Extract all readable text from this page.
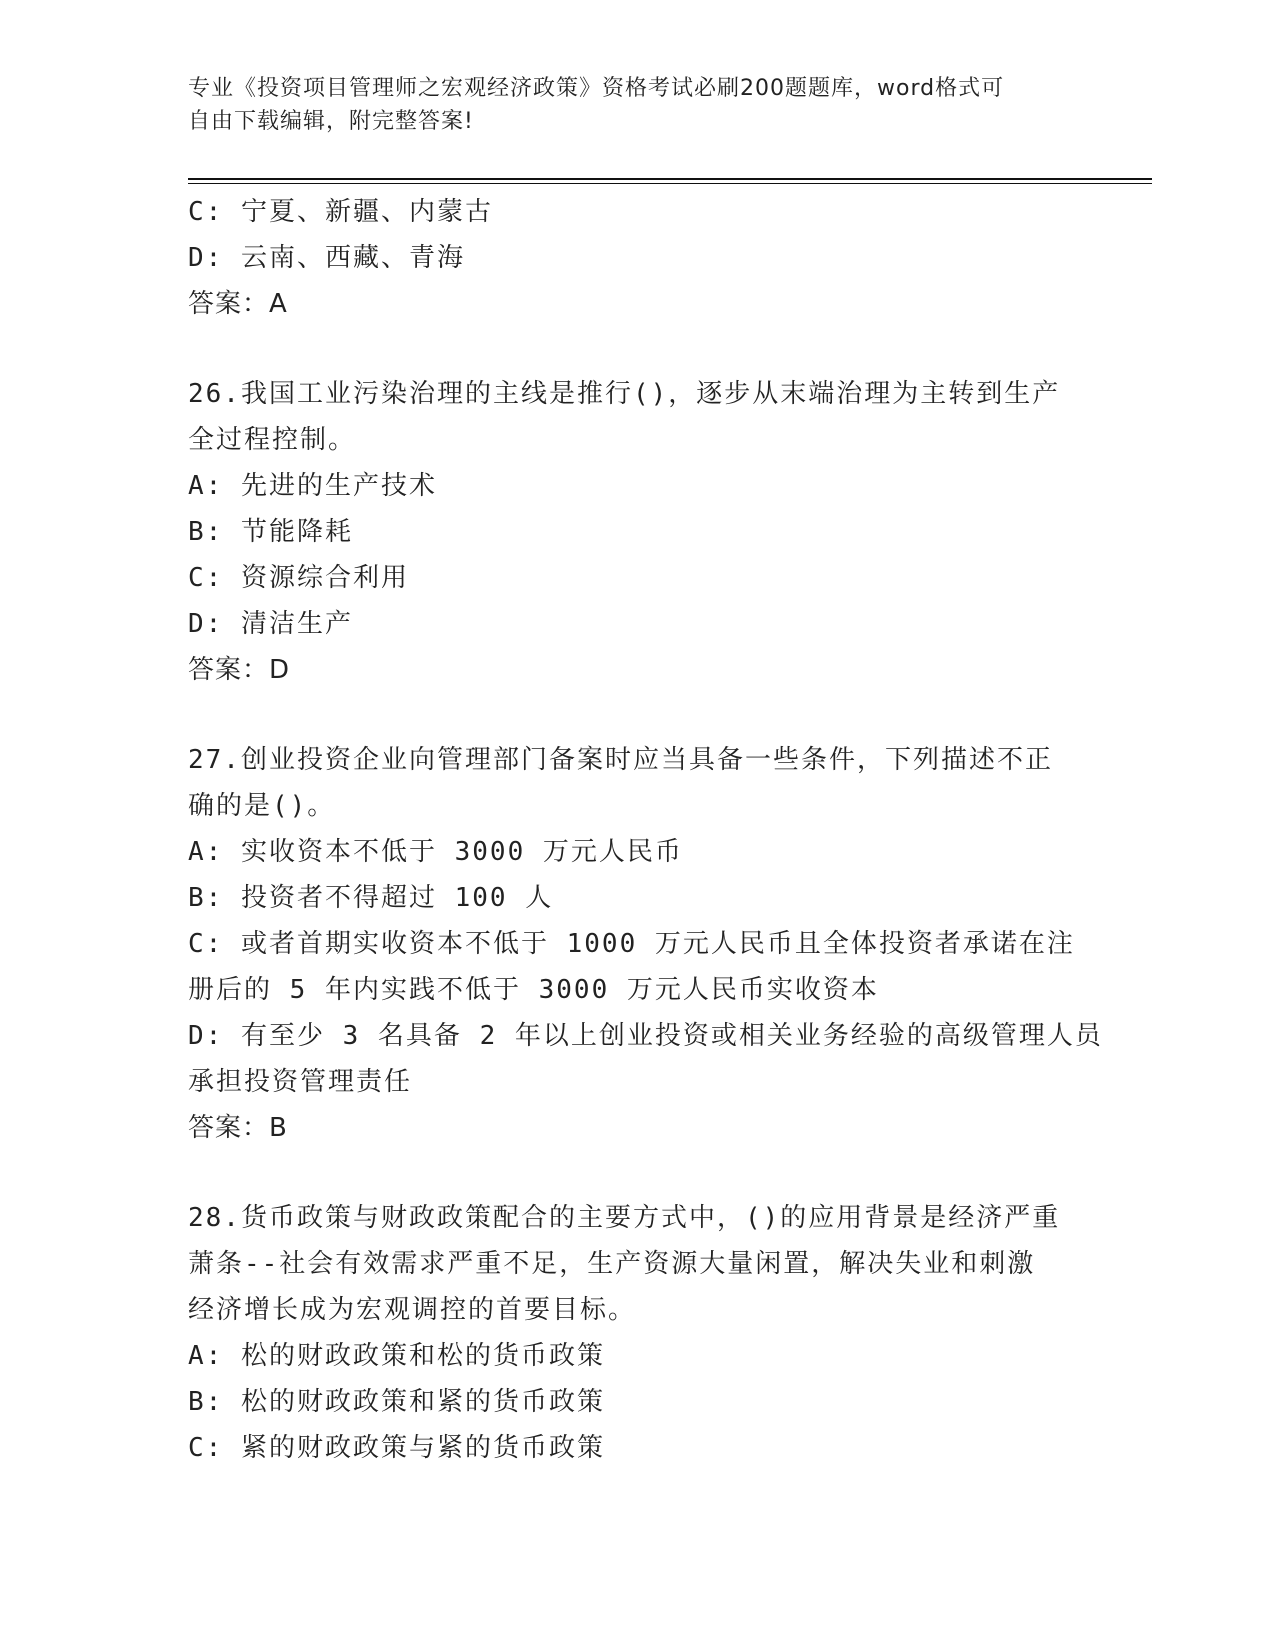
专业《投资项目管理师之宏观经济政策》资格考试必刷200题题库，word格式可
自由下载编辑，附完整答案!
C: 宁夏、新疆、内蒙古
D: 云南、西藏、青海
答案：A
26.我国工业污染治理的主线是推行()，逐步从末端治理为主转到生产
全过程控制。
A: 先进的生产技术
B: 节能降耗
C: 资源综合利用
D: 清洁生产
答案：D
27.创业投资企业向管理部门备案时应当具备一些条件，下列描述不正
确的是()。
A: 实收资本不低于 3000 万元人民币
B: 投资者不得超过 100 人
C: 或者首期实收资本不低于 1000 万元人民币且全体投资者承诺在注
册后的 5 年内实践不低于 3000 万元人民币实收资本
D: 有至少 3 名具备 2 年以上创业投资或相关业务经验的高级管理人员
承担投资管理责任
答案：B
28.货币政策与财政政策配合的主要方式中，()的应用背景是经济严重
萧条--社会有效需求严重不足，生产资源大量闲置，解决失业和刺激
经济增长成为宏观调控的首要目标。
A: 松的财政政策和松的货币政策
B: 松的财政政策和紧的货币政策
C: 紧的财政政策与紧的货币政策
